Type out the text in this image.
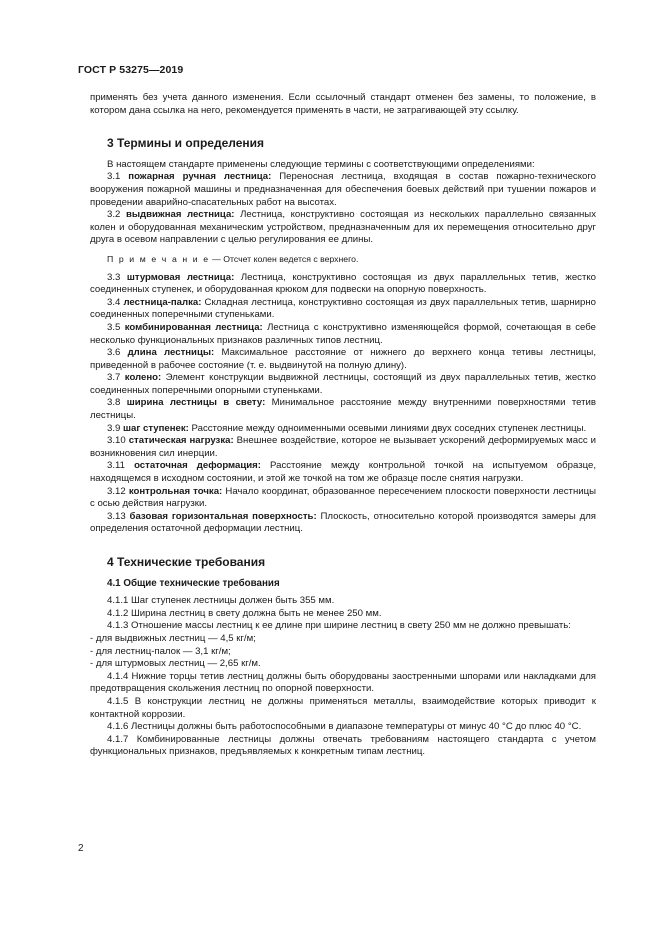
ГОСТ Р 53275—2019

применять без учета данного изменения. Если ссылочный стандарт отменен без замены, то положение, в котором дана ссылка на него, рекомендуется применять в части, не затрагивающей эту ссылку.

3 Термины и определения

В настоящем стандарте применены следующие термины с соответствующими определениями:

3.1 пожарная ручная лестница: Переносная лестница, входящая в состав пожарно-технического вооружения пожарной машины и предназначенная для обеспечения боевых действий при тушении пожаров и проведении аварийно-спасательных работ на высотах.

3.2 выдвижная лестница: Лестница, конструктивно состоящая из нескольких параллельно связанных колен и оборудованная механическим устройством, предназначенным для их перемещения относительно друг друга в осевом направлении с целью регулирования ее длины.

П р и м е ч а н и е — Отсчет колен ведется с верхнего.

3.3 штурмовая лестница: Лестница, конструктивно состоящая из двух параллельных тетив, жестко соединенных ступенек, и оборудованная крюком для подвески на опорную поверхность.

3.4 лестница-палка: Складная лестница, конструктивно состоящая из двух параллельных тетив, шарнирно соединенных поперечными ступеньками.

3.5 комбинированная лестница: Лестница с конструктивно изменяющейся формой, сочетающая в себе несколько функциональных признаков различных типов лестниц.

3.6 длина лестницы: Максимальное расстояние от нижнего до верхнего конца тетивы лестницы, приведенной в рабочее состояние (т. е. выдвинутой на полную длину).

3.7 колено: Элемент конструкции выдвижной лестницы, состоящий из двух параллельных тетив, жестко соединенных поперечными опорными ступеньками.

3.8 ширина лестницы в свету: Минимальное расстояние между внутренними поверхностями тетив лестницы.

3.9 шаг ступенек: Расстояние между одноименными осевыми линиями двух соседних ступенек лестницы.

3.10 статическая нагрузка: Внешнее воздействие, которое не вызывает ускорений деформируемых масс и возникновения сил инерции.

3.11 остаточная деформация: Расстояние между контрольной точкой на испытуемом образце, находящемся в исходном состоянии, и этой же точкой на том же образце после снятия нагрузки.

3.12 контрольная точка: Начало координат, образованное пересечением плоскости поверхности лестницы с осью действия нагрузки.

3.13 базовая горизонтальная поверхность: Плоскость, относительно которой производятся замеры для определения остаточной деформации лестниц.

4 Технические требования

4.1 Общие технические требования

4.1.1 Шаг ступенек лестницы должен быть 355 мм.

4.1.2 Ширина лестниц в свету должна быть не менее 250 мм.

4.1.3 Отношение массы лестниц к ее длине при ширине лестниц в свету 250 мм не должно превышать:

- для выдвижных лестниц — 4,5 кг/м;

- для лестниц-палок — 3,1 кг/м;

- для штурмовых лестниц — 2,65 кг/м.

4.1.4 Нижние торцы тетив лестниц должны быть оборудованы заостренными шпорами или накладками для предотвращения скольжения лестниц по опорной поверхности.

4.1.5 В конструкции лестниц не должны применяться металлы, взаимодействие которых приводит к контактной коррозии.

4.1.6 Лестницы должны быть работоспособными в диапазоне температуры от минус 40 °С до плюс 40 °С.

4.1.7 Комбинированные лестницы должны отвечать требованиям настоящего стандарта с учетом функциональных признаков, предъявляемых к конкретным типам лестниц.

2
